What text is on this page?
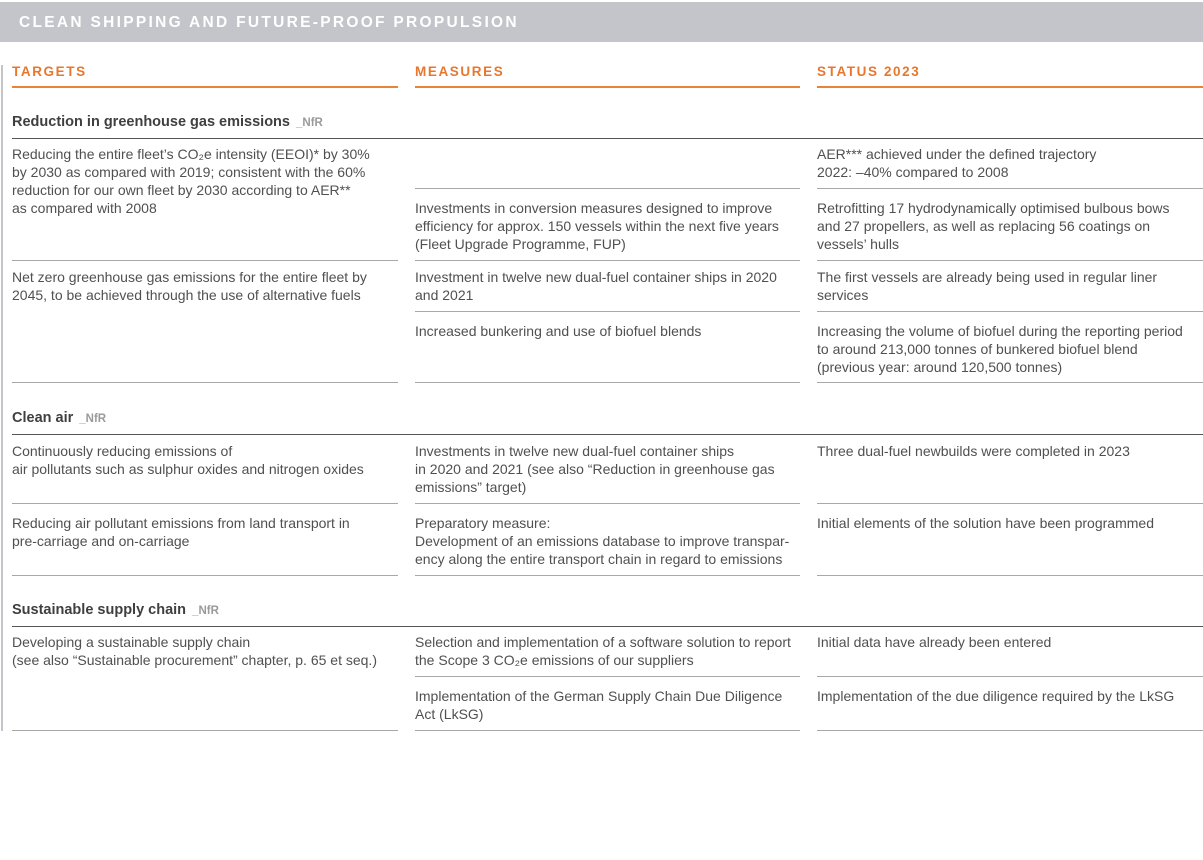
CLEAN SHIPPING AND FUTURE-PROOF PROPULSION
TARGETS	MEASURES	STATUS 2023
Reduction in greenhouse gas emissions _NfR
Reducing the entire fleet’s CO₂e intensity (EEOI)* by 30%
by 2030 as compared with 2019; consistent with the 60%
reduction for our own fleet by 2030 according to AER**
as compared with 2008
Net zero greenhouse gas emissions for the entire fleet by
2045, to be achieved through the use of alternative fuels
Investments in conversion measures designed to improve
efficiency for approx. 150 vessels within the next five years
(Fleet Upgrade Programme, FUP)
Investment in twelve new dual-fuel container ships in 2020
and 2021
Increased bunkering and use of biofuel blends
AER*** achieved under the defined trajectory
2022: –40% compared to 2008
Retrofitting 17 hydrodynamically optimised bulbous bows
and 27 propellers, as well as replacing 56 coatings on
vessels’ hulls
The first vessels are already being used in regular liner
services
Increasing the volume of biofuel during the reporting period
to around 213,000 tonnes of bunkered biofuel blend
(previous year: around 120,500 tonnes)
Clean air _NfR
Continuously reducing emissions of
air pollutants such as sulphur oxides and nitrogen oxides
Reducing air pollutant emissions from land transport in
pre-carriage and on-carriage
Investments in twelve new dual-fuel container ships
in 2020 and 2021 (see also “Reduction in greenhouse gas
emissions” target)
Preparatory measure:
Development of an emissions database to improve transpar-
ency along the entire transport chain in regard to emissions
Three dual-fuel newbuilds were completed in 2023
Initial elements of the solution have been programmed
Sustainable supply chain _NfR
Developing a sustainable supply chain
(see also “Sustainable procurement” chapter, p. 65 et seq.)
Selection and implementation of a software solution to report
the Scope 3 CO₂e emissions of our suppliers
Implementation of the German Supply Chain Due Diligence
Act (LkSG)
Initial data have already been entered
Implementation of the due diligence required by the LkSG
